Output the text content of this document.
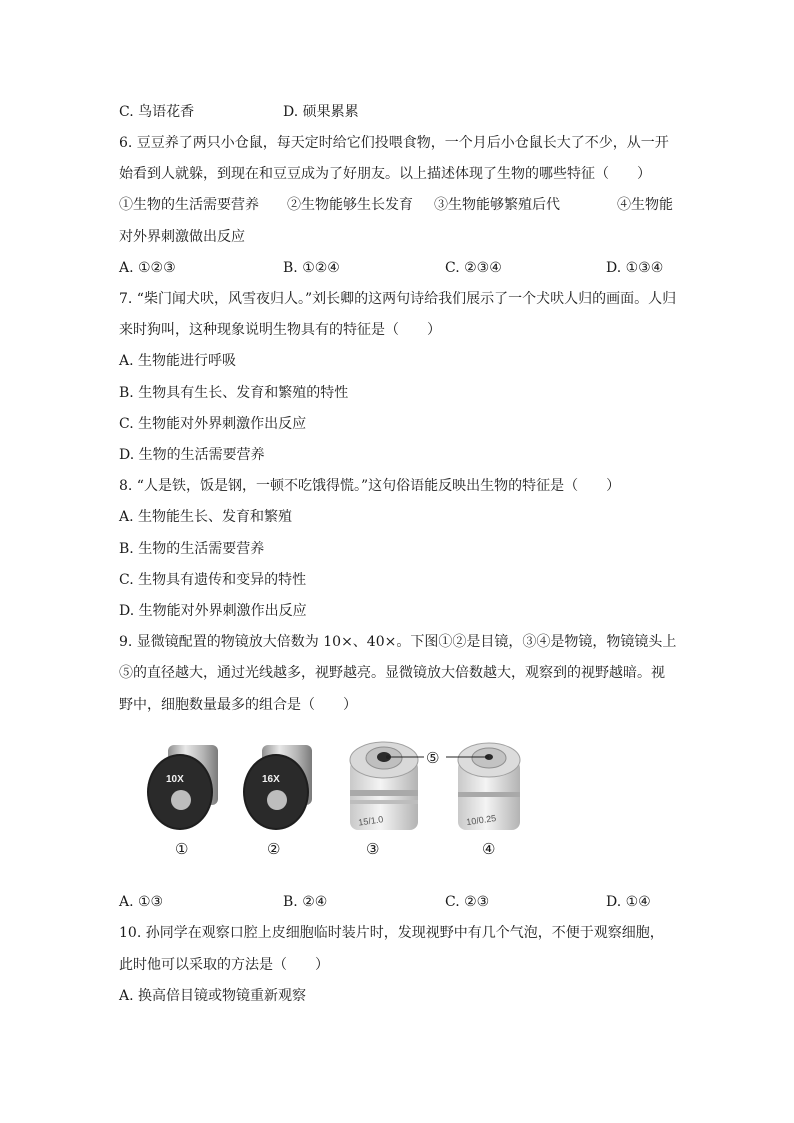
C. 鸟语花香	D. 硕果累累
6. 豆豆养了两只小仓鼠，每天定时给它们投喂食物，一个月后小仓鼠长大了不少，从一开
始看到人就躲，到现在和豆豆成为了好朋友。以上描述体现了生物的哪些特征（　　）
①生物的生活需要营养 ②生物能够生长发育 ③生物能够繁殖后代	④生物能
对外界刺激做出反应
A. ①②③	B. ①②④	C. ②③④	D. ①③④
7. “柴门闻犬吠，风雪夜归人。”刘长卿的这两句诗给我们展示了一个犬吠人归的画面。人归
来时狗叫，这种现象说明生物具有的特征是（　　）
A. 生物能进行呼吸
B. 生物具有生长、发育和繁殖的特性
C. 生物能对外界刺激作出反应
D. 生物的生活需要营养
8. “人是铁，饭是钢，一顿不吃饿得慌。”这句俗语能反映出生物的特征是（　　）
A. 生物能生长、发育和繁殖
B. 生物的生活需要营养
C. 生物具有遗传和变异的特性
D. 生物能对外界刺激作出反应
9. 显微镜配置的物镜放大倍数为 10×、40×。下图①②是目镜，③④是物镜，物镜镜头上
⑤的直径越大，通过光线越多，视野越亮。显微镜放大倍数越大，观察到的视野越暗。视
野中，细胞数量最多的组合是（　　）
10X	16X
15/1.0	10/0.25
⑤
①	②	③	④
A. ①③	B. ②④	C. ②③	D. ①④
10. 孙同学在观察口腔上皮细胞临时装片时，发现视野中有几个气泡，不便于观察细胞，
此时他可以采取的方法是（　　）
A. 换高倍目镜或物镜重新观察
